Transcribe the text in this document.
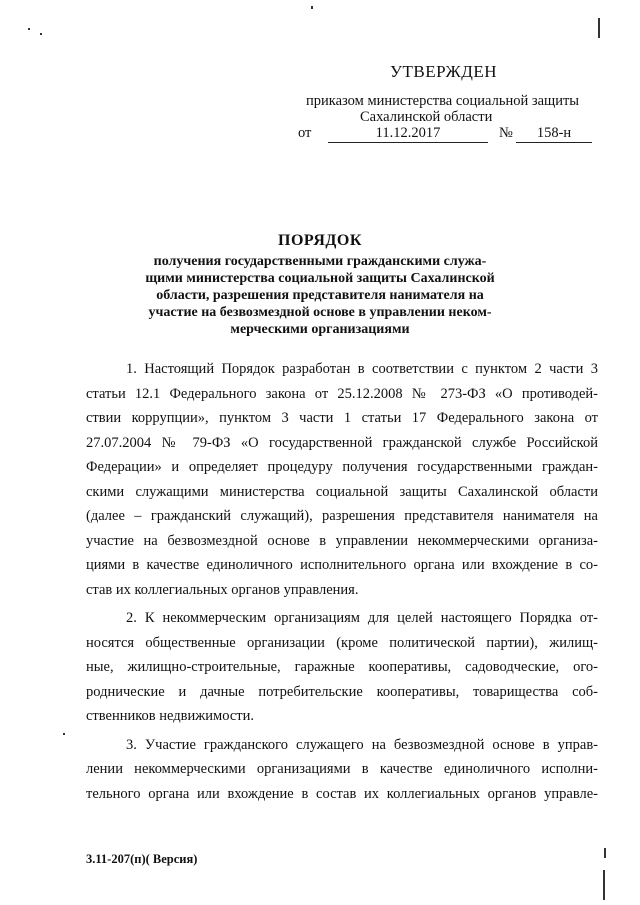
УТВЕРЖДЕН
приказом министерства социальной защиты
Сахалинской области
от	11.12.2017	№	158-н
ПОРЯДОК
получения государственными гражданскими служа-
щими министерства социальной защиты Сахалинской
области, разрешения представителя нанимателя на
участие на безвозмездной основе в управлении неком-
мерческими организациями
1. Настоящий Порядок разработан в соответствии с пунктом 2 части 3
статьи 12.1 Федерального закона от 25.12.2008 № 273-ФЗ «О противодей-
ствии коррупции», пунктом 3 части 1 статьи 17 Федерального закона от
27.07.2004 № 79-ФЗ «О государственной гражданской службе Российской
Федерации» и определяет процедуру получения государственными граждан-
скими служащими министерства социальной защиты Сахалинской области
(далее – гражданский служащий), разрешения представителя нанимателя на
участие на безвозмездной основе в управлении некоммерческими организа-
циями в качестве единоличного исполнительного органа или вхождение в со-
став их коллегиальных органов управления.
2. К некоммерческим организациям для целей настоящего Порядка от-
носятся общественные организации (кроме политической партии), жилищ-
ные, жилищно-строительные, гаражные кооперативы, садоводческие, ого-
роднические и дачные потребительские кооперативы, товарищества соб-
ственников недвижимости.
3. Участие гражданского служащего на безвозмездной основе в управ-
лении некоммерческими организациями в качестве единоличного исполни-
тельного органа или вхождение в состав их коллегиальных органов управле-
3.11-207(п)( Версия)
